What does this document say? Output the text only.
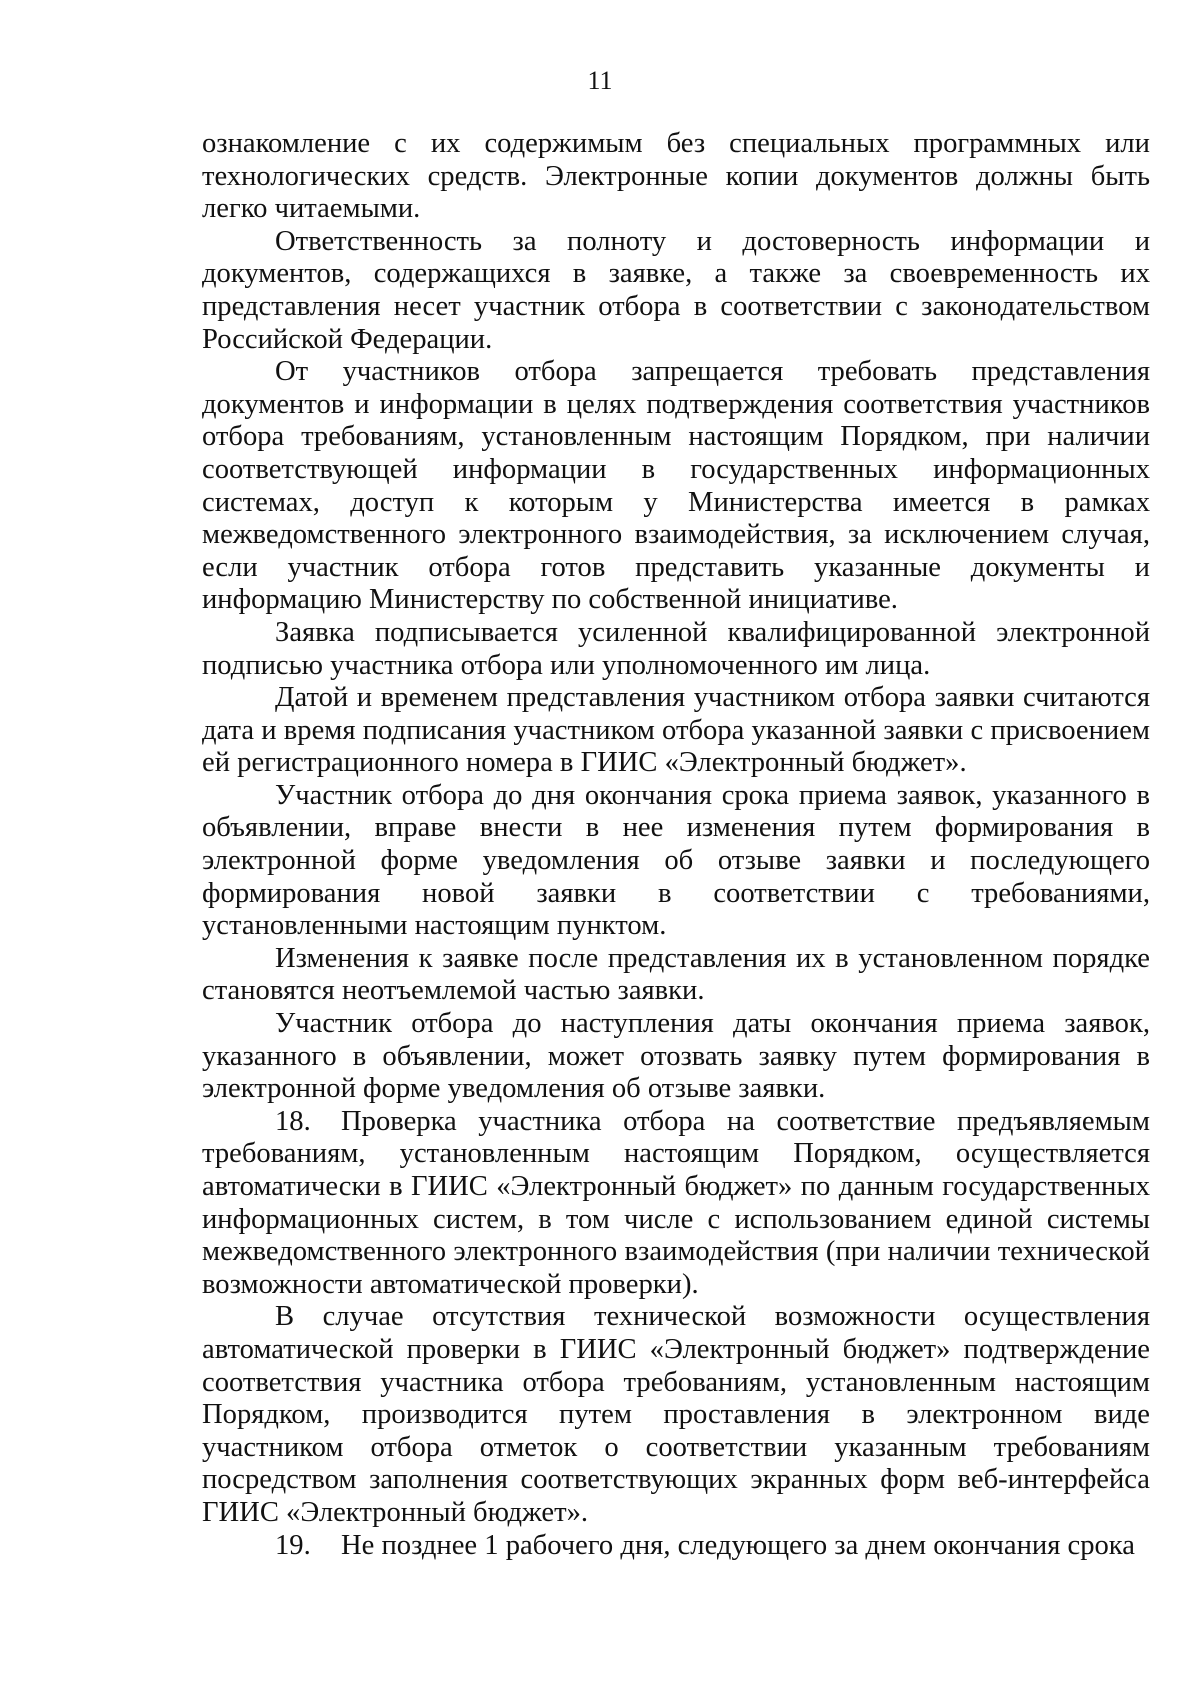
11

ознакомление с их содержимым без специальных программных или технологических средств. Электронные копии документов должны быть легко читаемыми.

Ответственность за полноту и достоверность информации и документов, содержащихся в заявке, а также за своевременность их представления несет участник отбора в соответствии с законодательством Российской Федерации.

От участников отбора запрещается требовать представления документов и информации в целях подтверждения соответствия участников отбора требованиям, установленным настоящим Порядком, при наличии соответствующей информации в государственных информационных системах, доступ к которым у Министерства имеется в рамках межведомственного электронного взаимодействия, за исключением случая, если участник отбора готов представить указанные документы и информацию Министерству по собственной инициативе.

Заявка подписывается усиленной квалифицированной электронной подписью участника отбора или уполномоченного им лица.

Датой и временем представления участником отбора заявки считаются дата и время подписания участником отбора указанной заявки с присвоением ей регистрационного номера в ГИИС «Электронный бюджет».

Участник отбора до дня окончания срока приема заявок, указанного в объявлении, вправе внести в нее изменения путем формирования в электронной форме уведомления об отзыве заявки и последующего формирования новой заявки в соответствии с требованиями, установленными настоящим пунктом.

Изменения к заявке после представления их в установленном порядке становятся неотъемлемой частью заявки.

Участник отбора до наступления даты окончания приема заявок, указанного в объявлении, может отозвать заявку путем формирования в электронной форме уведомления об отзыве заявки.

18. Проверка участника отбора на соответствие предъявляемым требованиям, установленным настоящим Порядком, осуществляется автоматически в ГИИС «Электронный бюджет» по данным государственных информационных систем, в том числе с использованием единой системы межведомственного электронного взаимодействия (при наличии технической возможности автоматической проверки).

В случае отсутствия технической возможности осуществления автоматической проверки в ГИИС «Электронный бюджет» подтверждение соответствия участника отбора требованиям, установленным настоящим Порядком, производится путем проставления в электронном виде участником отбора отметок о соответствии указанным требованиям посредством заполнения соответствующих экранных форм веб-интерфейса ГИИС «Электронный бюджет».

19. Не позднее 1 рабочего дня, следующего за днем окончания срока
